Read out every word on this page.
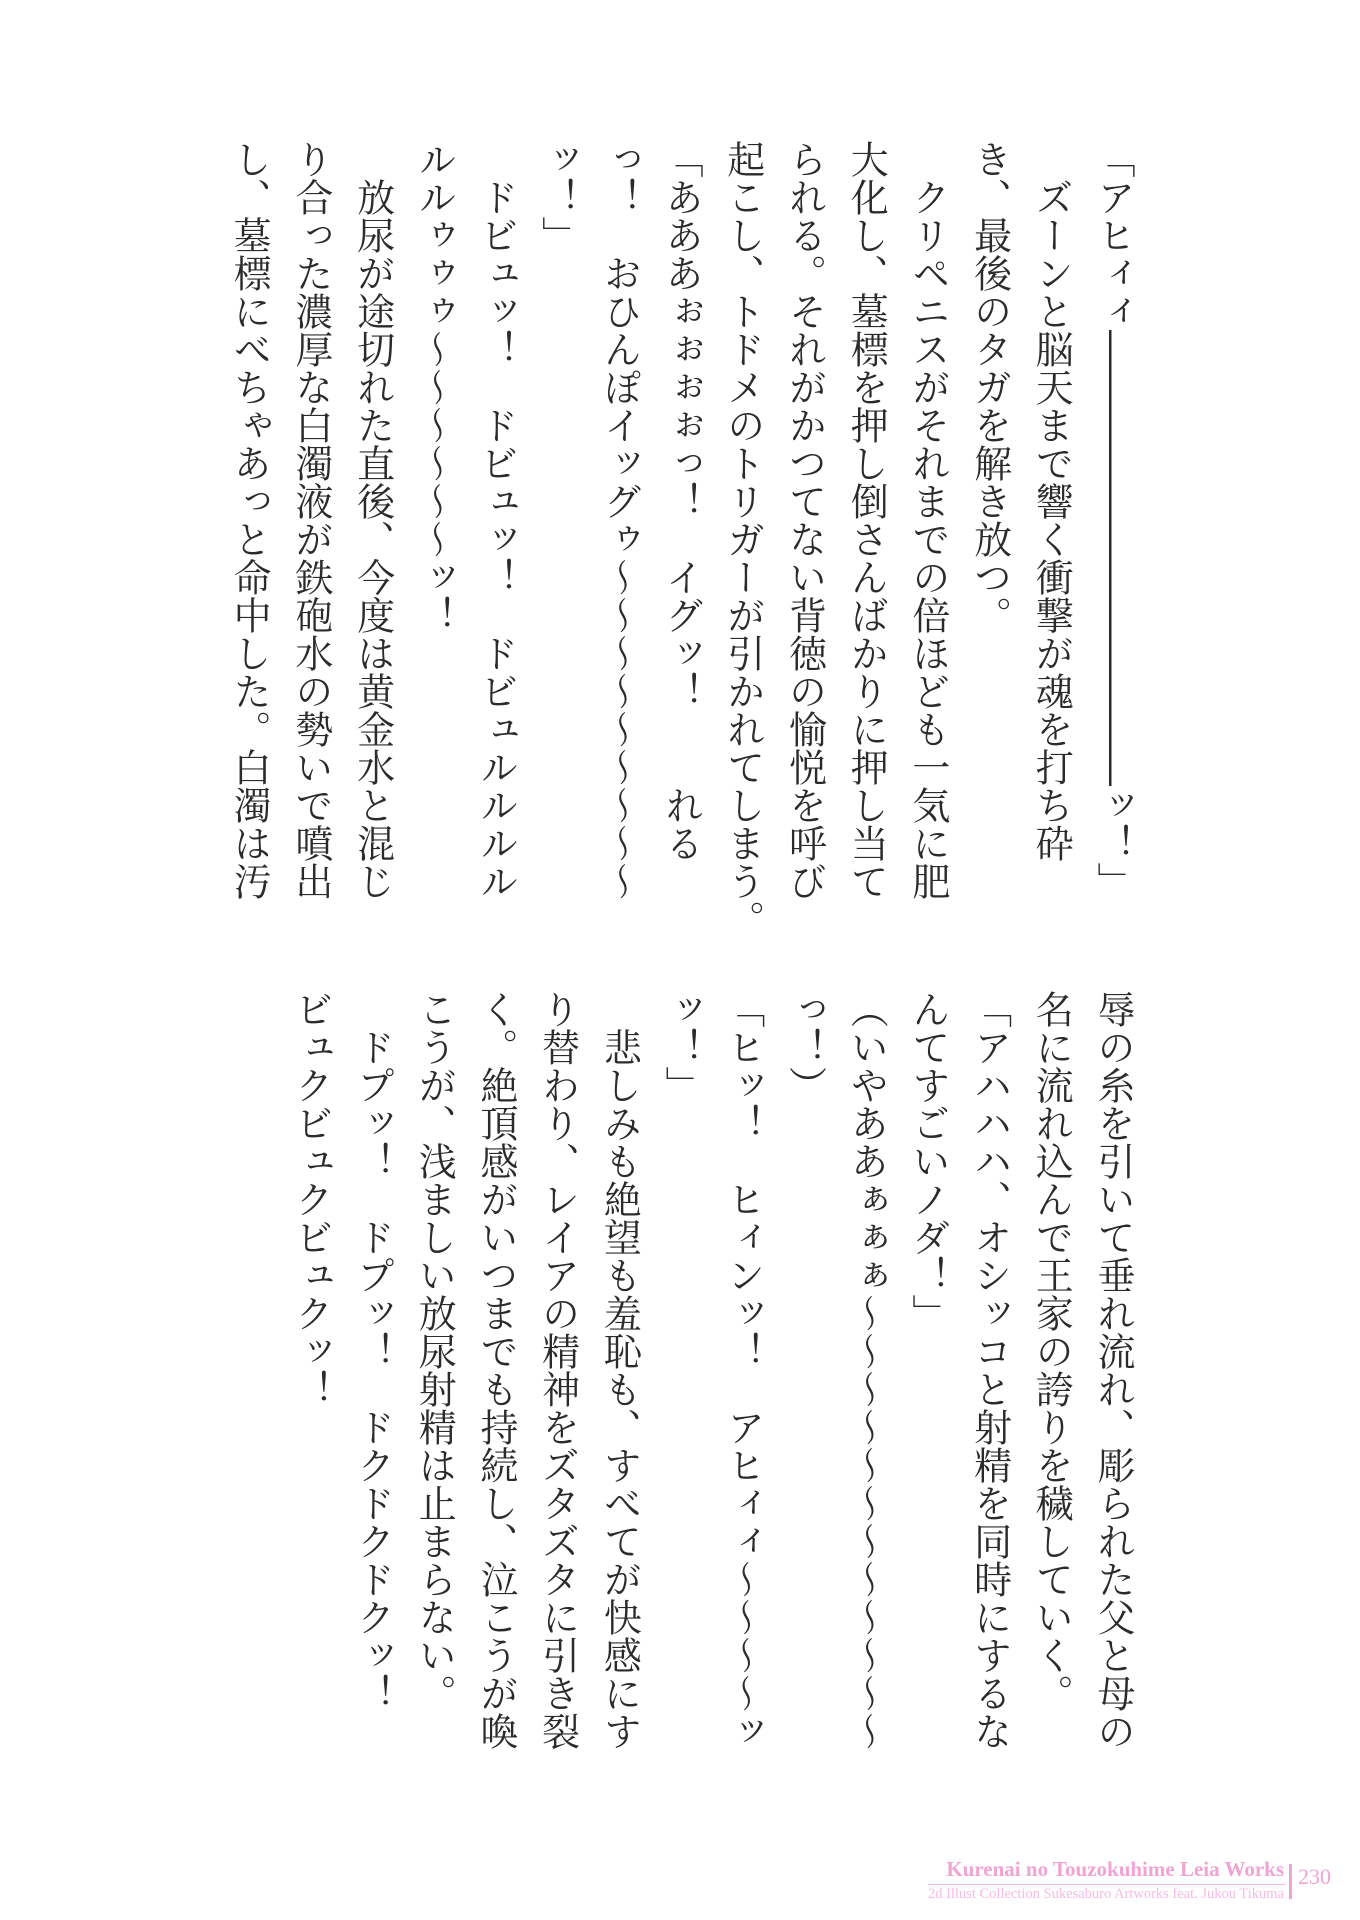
「アヒィィ――――――――――――ッ！」

　ズーンと脳天まで響く衝撃が魂を打ち砕

き、最後のタガを解き放つ。

　クリペニスがそれまでの倍ほども一気に肥

大化し、墓標を押し倒さんばかりに押し当て

られる。それがかつてない背徳の愉悦を呼び

起こし、トドメのトリガーが引かれてしまう。

「あああぉぉぉぉっ！　イグッ！　　れる

っ！　おひんぽイッグゥ〜〜〜〜〜〜〜〜〜

ッ！」

　ドビュッ！　ドビュッ！　ドビュルルルル

ルルゥゥゥ〜〜〜〜〜〜ッ！

　放尿が途切れた直後、今度は黄金水と混じ

り合った濃厚な白濁液が鉄砲水の勢いで噴出

し、墓標にべちゃあっと命中した。白濁は汚

辱の糸を引いて垂れ流れ、彫られた父と母の

名に流れ込んで王家の誇りを穢していく。

「アハハハ、オシッコと射精を同時にするな

んてすごいノダ！」

（いやああぁぁぁ〜〜〜〜〜〜〜〜〜〜〜〜

っ！）

「ヒッ！　ヒィンッ！　アヒィィ〜〜〜〜ッ

ッ！」

　悲しみも絶望も羞恥も、すべてが快感にす

り替わり、レイアの精神をズタズタに引き裂

く。絶頂感がいつまでも持続し、泣こうが喚

こうが、浅ましい放尿射精は止まらない。

　ドプッ！　ドプッ！　ドクドクドクッ！

ビュクビュクビュクッ！

Kurenai no Touzokuhime Leia Works
2d Illust Collection Sukesaburo Artworks feat. Jukou Tikuma
230
